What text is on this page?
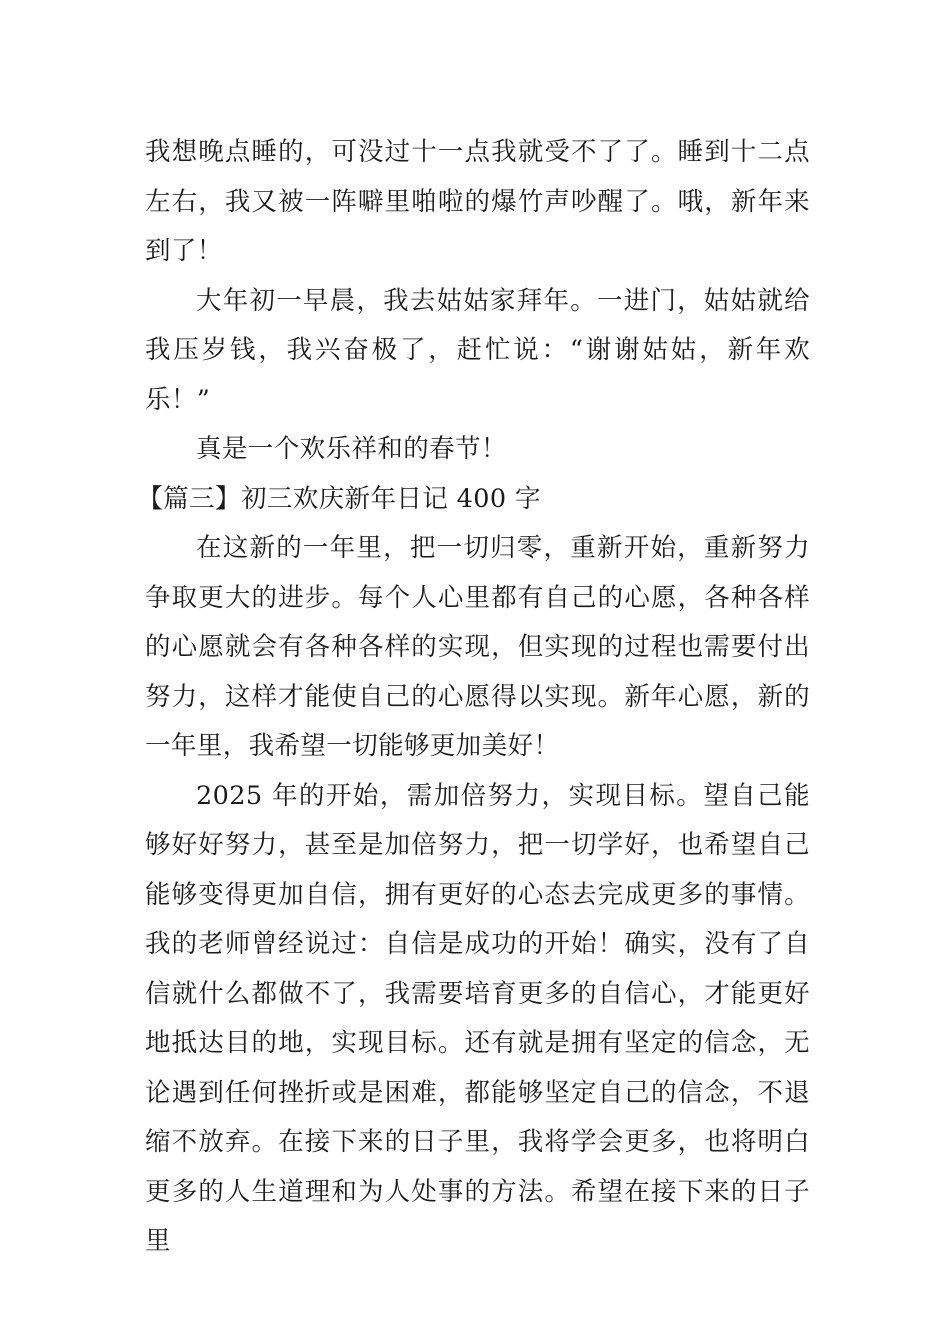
我想晚点睡的，可没过十一点我就受不了了。睡到十二点左右，我又被一阵噼里啪啦的爆竹声吵醒了。哦，新年来到了！

大年初一早晨，我去姑姑家拜年。一进门，姑姑就给我压岁钱，我兴奋极了，赶忙说：“谢谢姑姑，新年欢乐！”

真是一个欢乐祥和的春节！

【篇三】初三欢庆新年日记 400 字

在这新的一年里，把一切归零，重新开始，重新努力争取更大的进步。每个人心里都有自己的心愿，各种各样的心愿就会有各种各样的实现，但实现的过程也需要付出努力，这样才能使自己的心愿得以实现。新年心愿，新的一年里，我希望一切能够更加美好！

2025 年的开始，需加倍努力，实现目标。望自己能够好好努力，甚至是加倍努力，把一切学好，也希望自己能够变得更加自信，拥有更好的心态去完成更多的事情。我的老师曾经说过：自信是成功的开始！确实，没有了自信就什么都做不了，我需要培育更多的自信心，才能更好地抵达目的地，实现目标。还有就是拥有坚定的信念，无论遇到任何挫折或是困难，都能够坚定自己的信念，不退缩不放弃。在接下来的日子里，我将学会更多，也将明白更多的人生道理和为人处事的方法。希望在接下来的日子里
